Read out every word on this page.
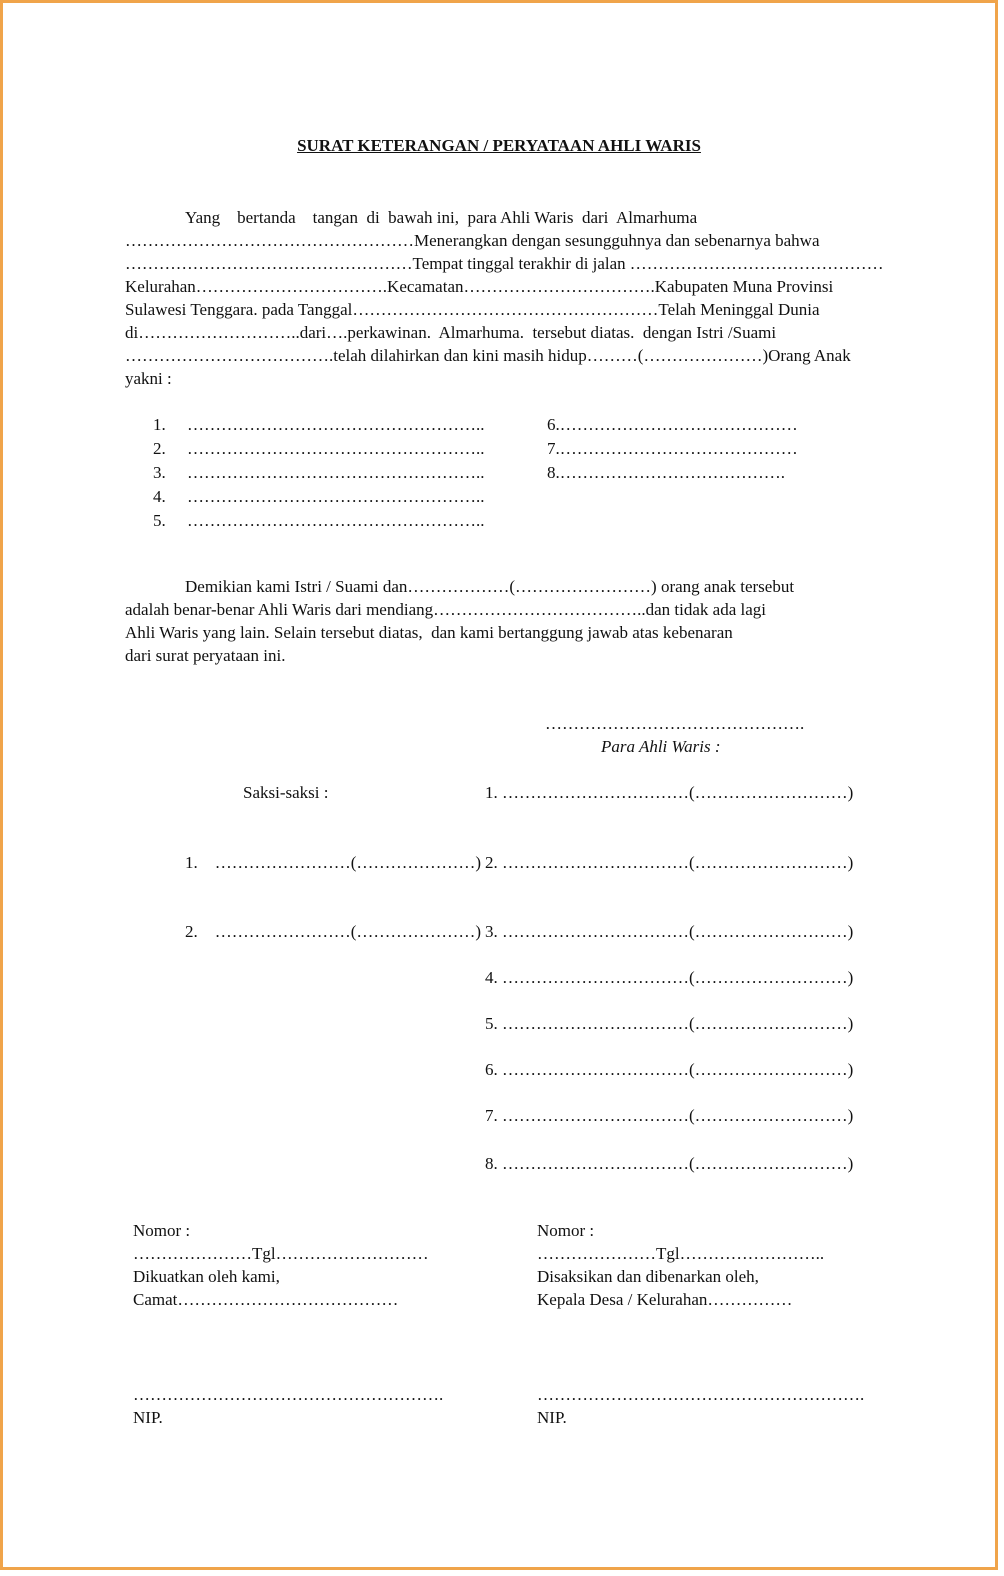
SURAT KETERANGAN / PERYATAAN AHLI WARIS
Yang    bertanda    tangan  di  bawah ini,  para Ahli Waris  dari  Almarhuma
……………………………………………Menerangkan dengan sesungguhnya dan sebenarnya bahwa
……………………………………………Tempat tinggal terakhir di jalan ………………………………………
Kelurahan…………………………….Kecamatan…………………………….Kabupaten Muna Provinsi
Sulawesi Tenggara. pada Tanggal………………………………………………Telah Meninggal Dunia
di………………………..dari….perkawinan.  Almarhuma.  tersebut diatas.  dengan Istri /Suami
……………………………….telah dilahirkan dan kini masih hidup………(…………………)Orang Anak
yakni :
1. ……………………………………………..
2. ……………………………………………..
3. ……………………………………………..
4. ……………………………………………..
5. ……………………………………………..
6.……………………………………
7.……………………………………
8.………………………………….
Demikian kami Istri / Suami dan………………(……………………) orang anak tersebut
adalah benar-benar Ahli Waris dari mendiang………………………………..dan tidak ada lagi
Ahli Waris yang lain. Selain tersebut diatas,  dan kami bertanggung jawab atas kebenaran
dari surat peryataan ini.
……………………………………….
Para Ahli Waris :
Saksi-saksi :
1.    ……………………(…………………)
2.    ……………………(…………………)
1. ……………………………(………………………)
2. ……………………………(………………………)
3. ……………………………(………………………)
4. ……………………………(………………………)
5. ……………………………(………………………)
6. ……………………………(………………………)
7. ……………………………(………………………)
8. ……………………………(………………………)
Nomor :
…………………Tgl………………………
Dikuatkan oleh kami,
Camat…………………………………
……………………………………………….
NIP.
Nomor :
…………………Tgl……………………..
Disaksikan dan dibenarkan oleh,
Kepala Desa / Kelurahan……………
………………………………………………….
NIP.
